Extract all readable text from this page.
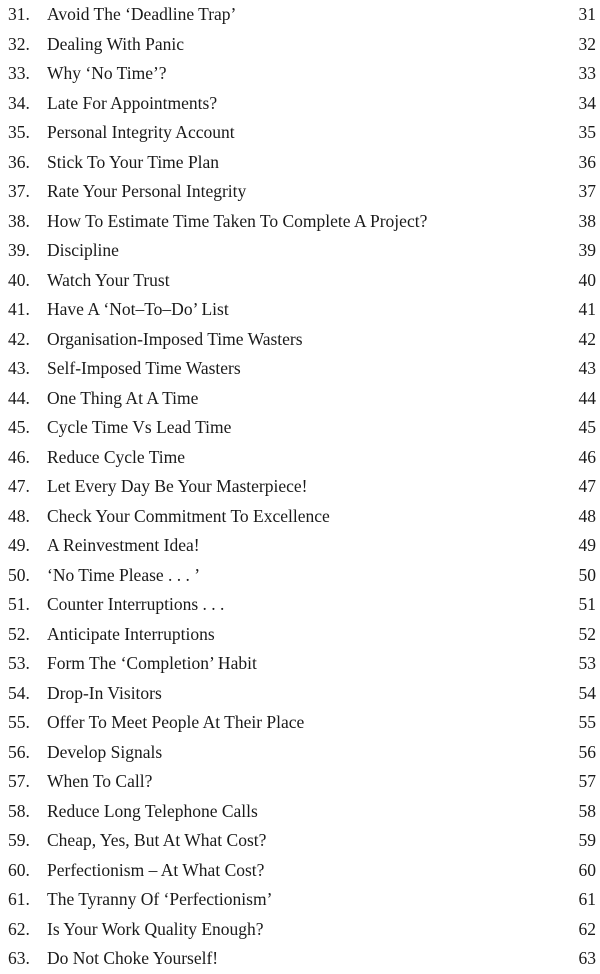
31. Avoid The ‘Deadline Trap’	31
32. Dealing With Panic	32
33. Why ‘No Time’?	33
34. Late For Appointments?	34
35. Personal Integrity Account	35
36. Stick To Your Time Plan	36
37. Rate Your Personal Integrity	37
38. How To Estimate Time Taken To Complete A Project?	38
39. Discipline	39
40. Watch Your Trust	40
41. Have A ‘Not–To–Do’ List	41
42. Organisation-Imposed Time Wasters	42
43. Self-Imposed Time Wasters	43
44. One Thing At A Time	44
45. Cycle Time Vs Lead Time	45
46. Reduce Cycle Time	46
47. Let Every Day Be Your Masterpiece!	47
48. Check Your Commitment To Excellence	48
49. A Reinvestment Idea!	49
50. ‘No Time Please . . . ’	50
51. Counter Interruptions . . .	51
52. Anticipate Interruptions	52
53. Form The ‘Completion’ Habit	53
54. Drop-In Visitors	54
55. Offer To Meet People At Their Place	55
56. Develop Signals	56
57. When To Call?	57
58. Reduce Long Telephone Calls	58
59. Cheap, Yes, But At What Cost?	59
60. Perfectionism – At What Cost?	60
61. The Tyranny Of ‘Perfectionism’	61
62. Is Your Work Quality Enough?	62
63. Do Not Choke Yourself!	63
